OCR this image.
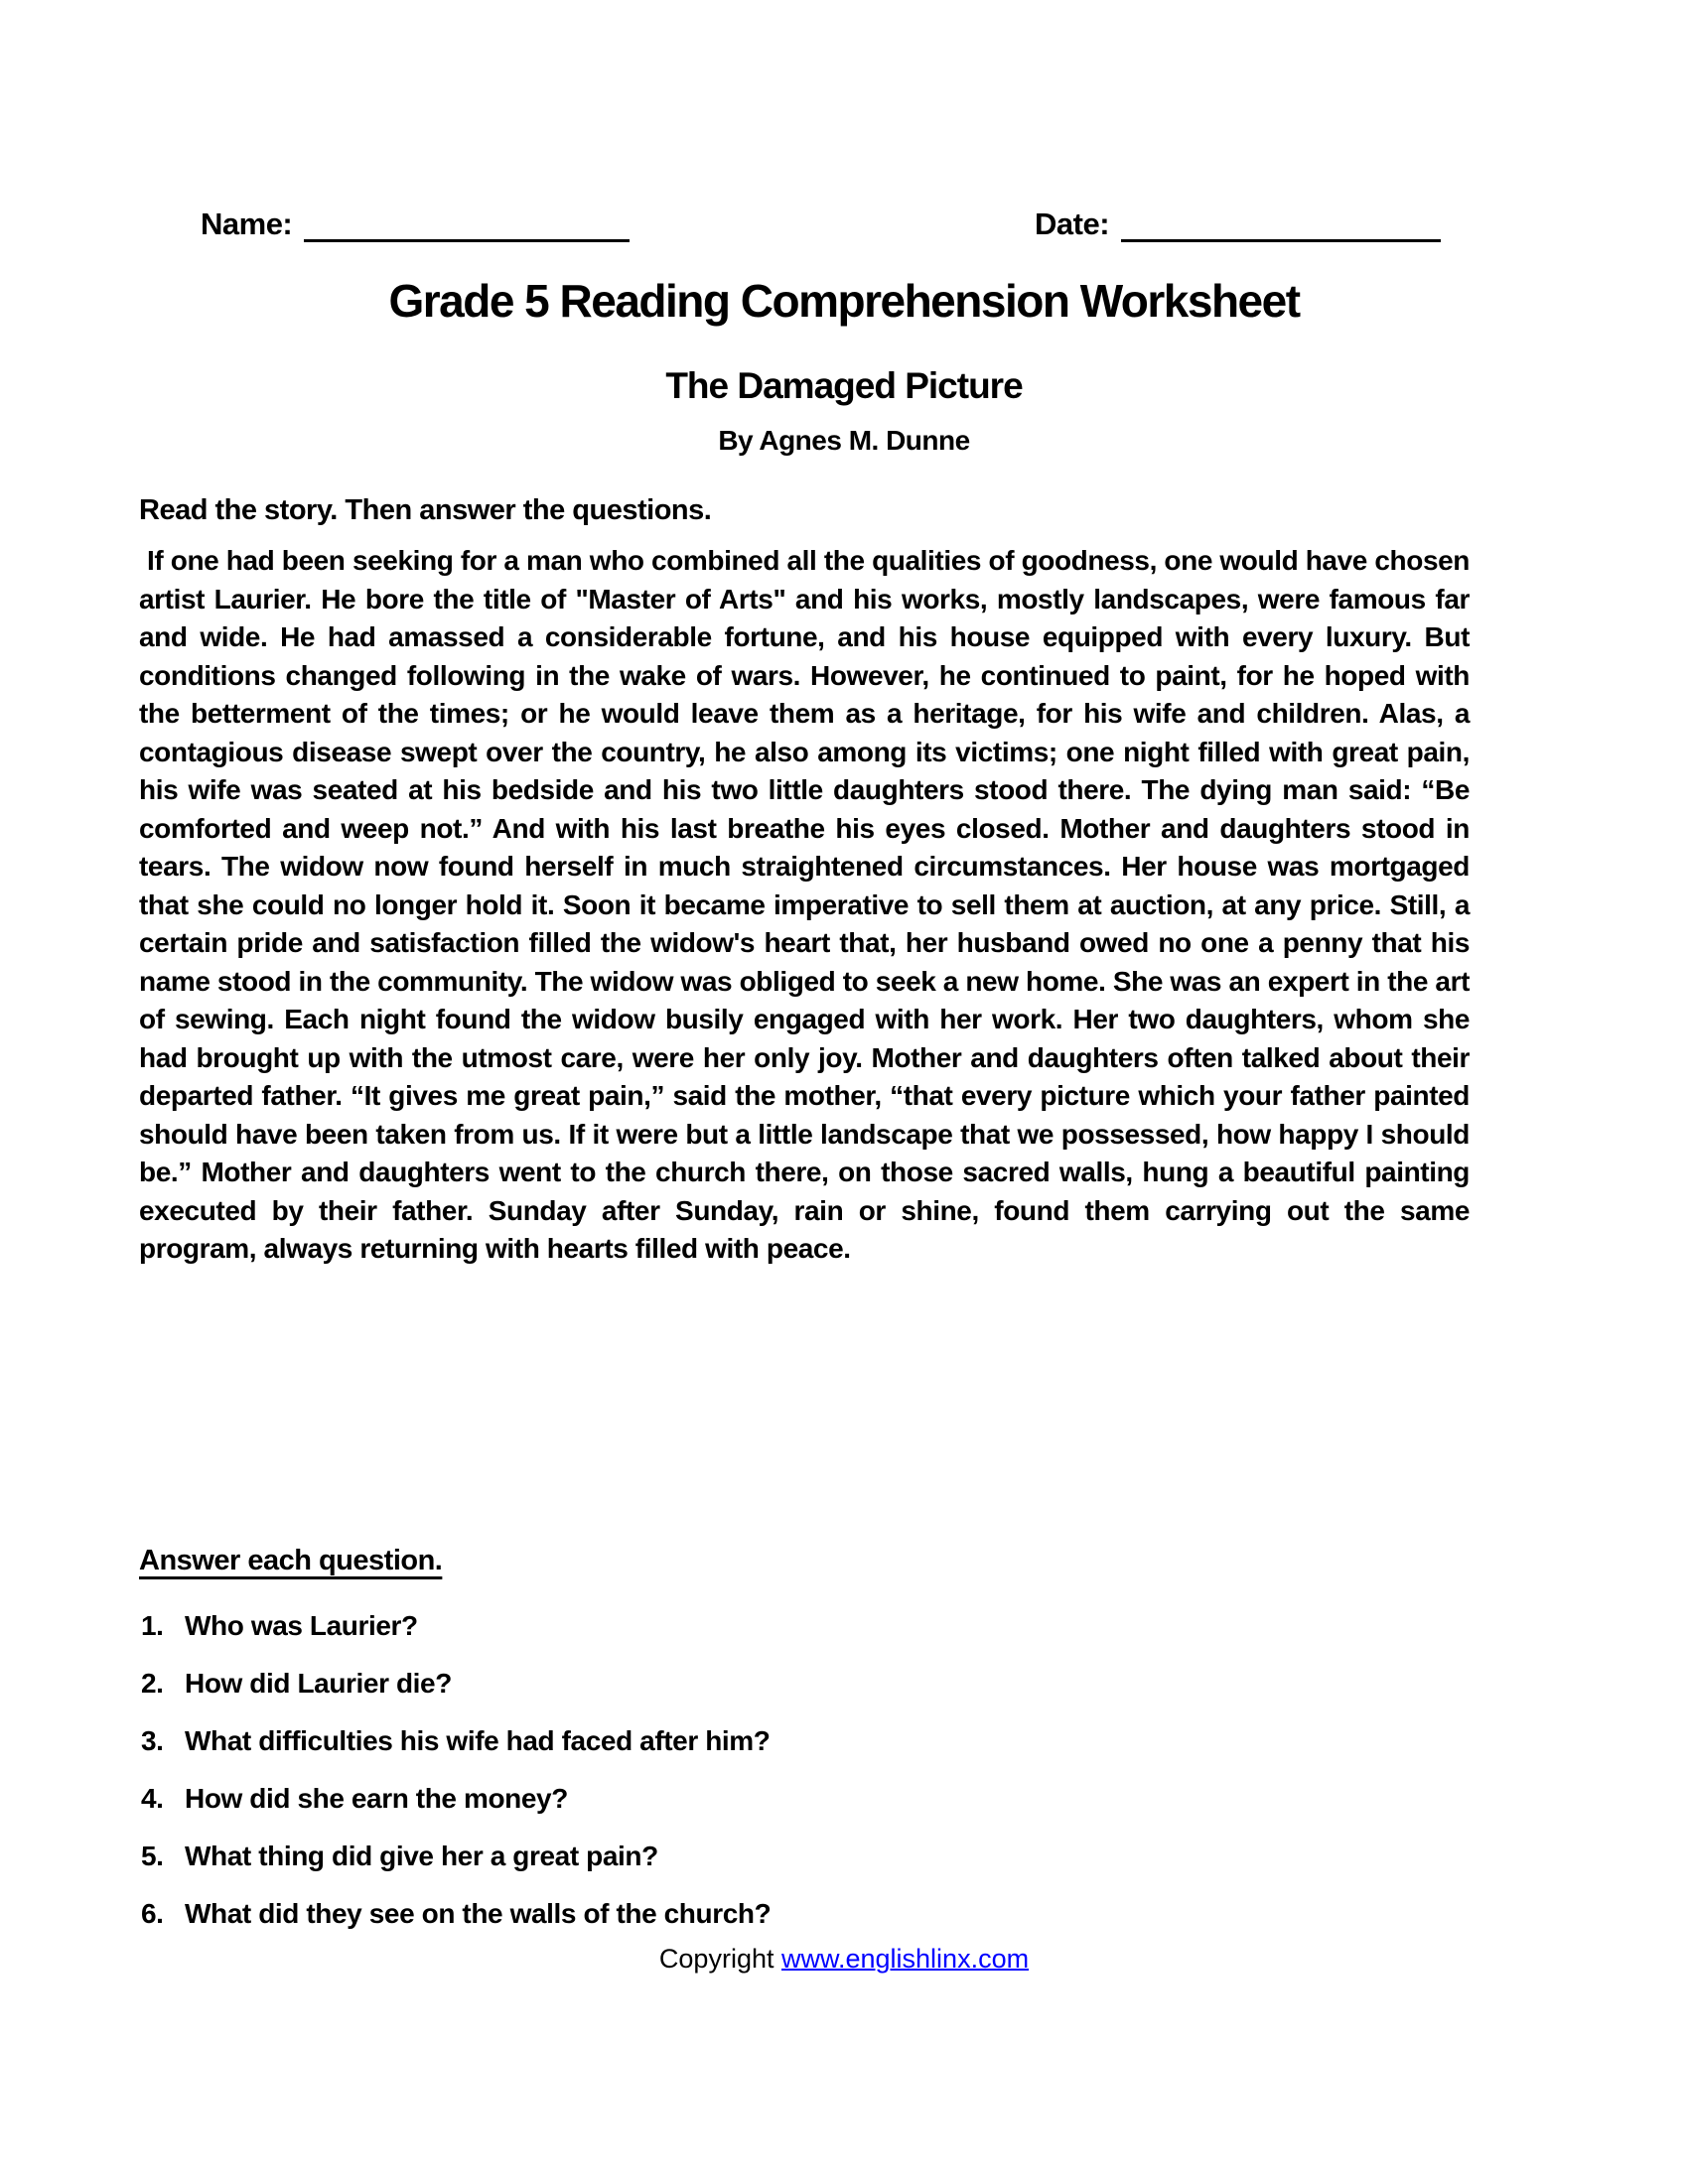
Name:	Date:
Grade 5 Reading Comprehension Worksheet
The Damaged Picture
By Agnes M. Dunne
Read the story. Then answer the questions.
If one had been seeking for a man who combined all the qualities of goodness, one would have chosen artist Laurier. He bore the title of "Master of Arts" and his works, mostly landscapes, were famous far and wide. He had amassed a considerable fortune, and his house equipped with every luxury. But conditions changed following in the wake of wars. However, he continued to paint, for he hoped with the betterment of the times; or he would leave them as a heritage, for his wife and children. Alas, a contagious disease swept over the country, he also among its victims; one night filled with great pain, his wife was seated at his bedside and his two little daughters stood there. The dying man said: “Be comforted and weep not.” And with his last breathe his eyes closed. Mother and daughters stood in tears. The widow now found herself in much straightened circumstances. Her house was mortgaged that she could no longer hold it. Soon it became imperative to sell them at auction, at any price. Still, a certain pride and satisfaction filled the widow's heart that, her husband owed no one a penny that his name stood in the community. The widow was obliged to seek a new home. She was an expert in the art of sewing. Each night found the widow busily engaged with her work. Her two daughters, whom she had brought up with the utmost care, were her only joy. Mother and daughters often talked about their departed father. “It gives me great pain,” said the mother, “that every picture which your father painted should have been taken from us. If it were but a little landscape that we possessed, how happy I should be.” Mother and daughters went to the church there, on those sacred walls, hung a beautiful painting executed by their father. Sunday after Sunday, rain or shine, found them carrying out the same program, always returning with hearts filled with peace.
Answer each question.
1. Who was Laurier?
2. How did Laurier die?
3. What difficulties his wife had faced after him?
4. How did she earn the money?
5. What thing did give her a great pain?
6. What did they see on the walls of the church?
Copyright www.englishlinx.com
